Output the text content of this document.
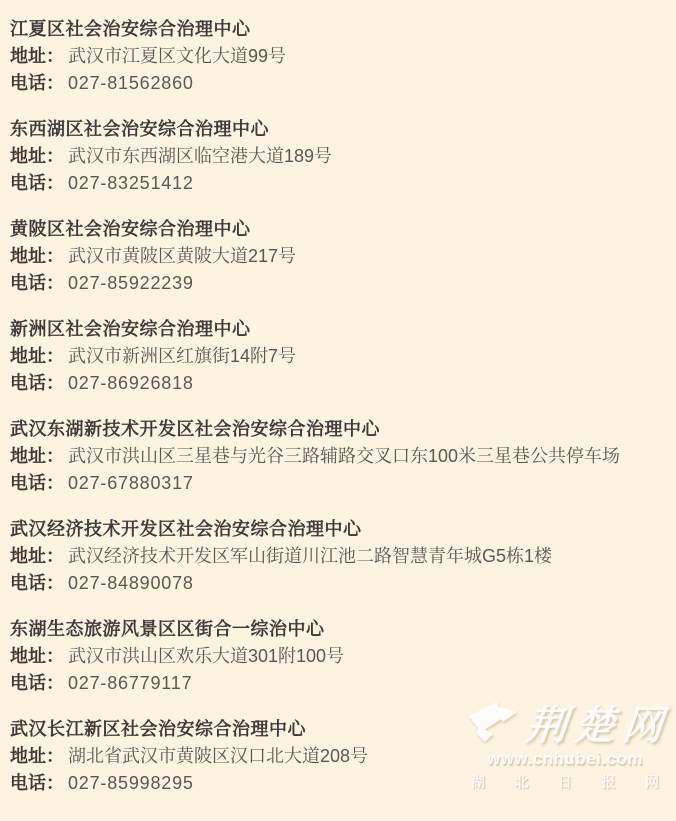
江夏区社会治安综合治理中心
地址： 武汉市江夏区文化大道99号
电话： 027-81562860
东西湖区社会治安综合治理中心
地址： 武汉市东西湖区临空港大道189号
电话： 027-83251412
黄陂区社会治安综合治理中心
地址： 武汉市黄陂区黄陂大道217号
电话： 027-85922239
新洲区社会治安综合治理中心
地址： 武汉市新洲区红旗街14附7号
电话： 027-86926818
武汉东湖新技术开发区社会治安综合治理中心
地址： 武汉市洪山区三星巷与光谷三路辅路交叉口东100米三星巷公共停车场
电话： 027-67880317
武汉经济技术开发区社会治安综合治理中心
地址： 武汉经济技术开发区军山街道川江池二路智慧青年城G5栋1楼
电话： 027-84890078
东湖生态旅游风景区区街合一综治中心
地址： 武汉市洪山区欢乐大道301附100号
电话： 027-86779117
武汉长江新区社会治安综合治理中心
地址： 湖北省武汉市黄陂区汉口北大道208号
电话： 027-85998295
荆楚网
www.cnhubei.com
湖 北 日 报 网
